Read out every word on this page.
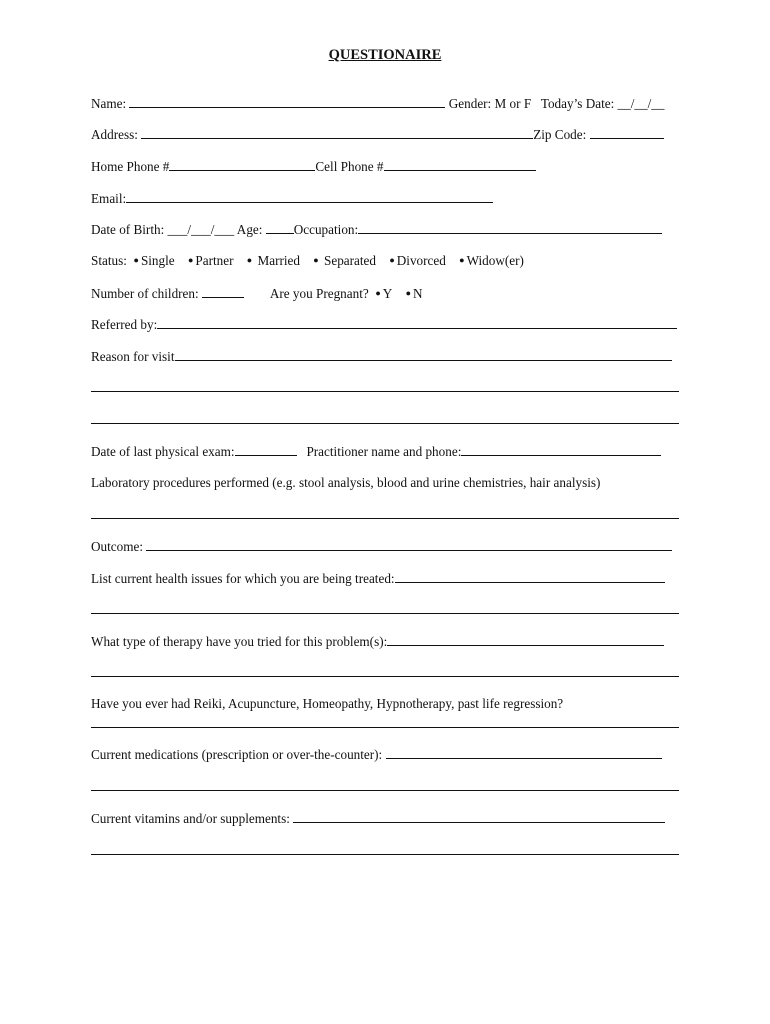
QUESTIONAIRE
Name:	Gender: M or F Today’s Date: __/__/__
Address:	Zip Code:
Home Phone #	Cell Phone #
Email:
Date of Birth: ___/___/___ Age: Occupation:
Status: ● Single ● Partner ● Married ● Separated ● Divorced ● Widow(er)
Number of children:	Are you Pregnant? ● Y ● N
Referred by:
Reason for visit
Date of last physical exam:	Practitioner name and phone:
Laboratory procedures performed (e.g. stool analysis, blood and urine chemistries, hair analysis)
Outcome:
List current health issues for which you are being treated:
What type of therapy have you tried for this problem(s):
Have you ever had Reiki, Acupuncture, Homeopathy, Hypnotherapy, past life regression?
Current medications (prescription or over-the-counter):
Current vitamins and/or supplements:
